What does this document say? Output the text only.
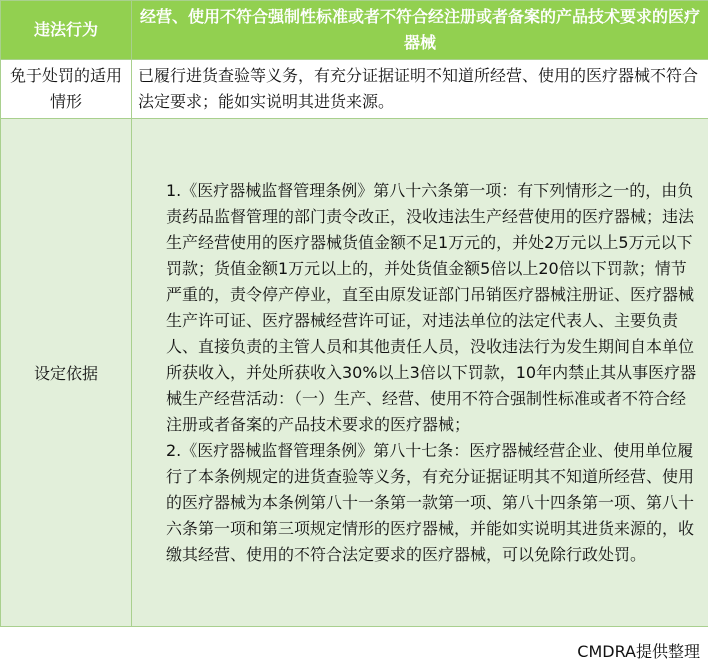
违法行为	经营、使用不符合强制性标准或者不符合经注册或者备案的产品技术要求的医疗器械
免于处罚的适用情形	已履行进货查验等义务，有充分证据证明不知道所经营、使用的医疗器械不符合法定要求；能如实说明其进货来源。
设定依据	1.《医疗器械监督管理条例》第八十六条第一项：有下列情形之一的，由负责药品监督管理的部门责令改正，没收违法生产经营使用的医疗器械；违法生产经营使用的医疗器械货值金额不足1万元的，并处2万元以上5万元以下罚款；货值金额1万元以上的，并处货值金额5倍以上20倍以下罚款；情节严重的，责令停产停业，直至由原发证部门吊销医疗器械注册证、医疗器械生产许可证、医疗器械经营许可证，对违法单位的法定代表人、主要负责人、直接负责的主管人员和其他责任人员，没收违法行为发生期间自本单位所获收入，并处所获收入30%以上3倍以下罚款，10年内禁止其从事医疗器械生产经营活动：（一）生产、经营、使用不符合强制性标准或者不符合经注册或者备案的产品技术要求的医疗器械；

2.《医疗器械监督管理条例》第八十七条：医疗器械经营企业、使用单位履行了本条例规定的进货查验等义务，有充分证据证明其不知道所经营、使用的医疗器械为本条例第八十一条第一款第一项、第八十四条第一项、第八十六条第一项和第三项规定情形的医疗器械，并能如实说明其进货来源的，收缴其经营、使用的不符合法定要求的医疗器械，可以免除行政处罚。

CMDRA提供整理
